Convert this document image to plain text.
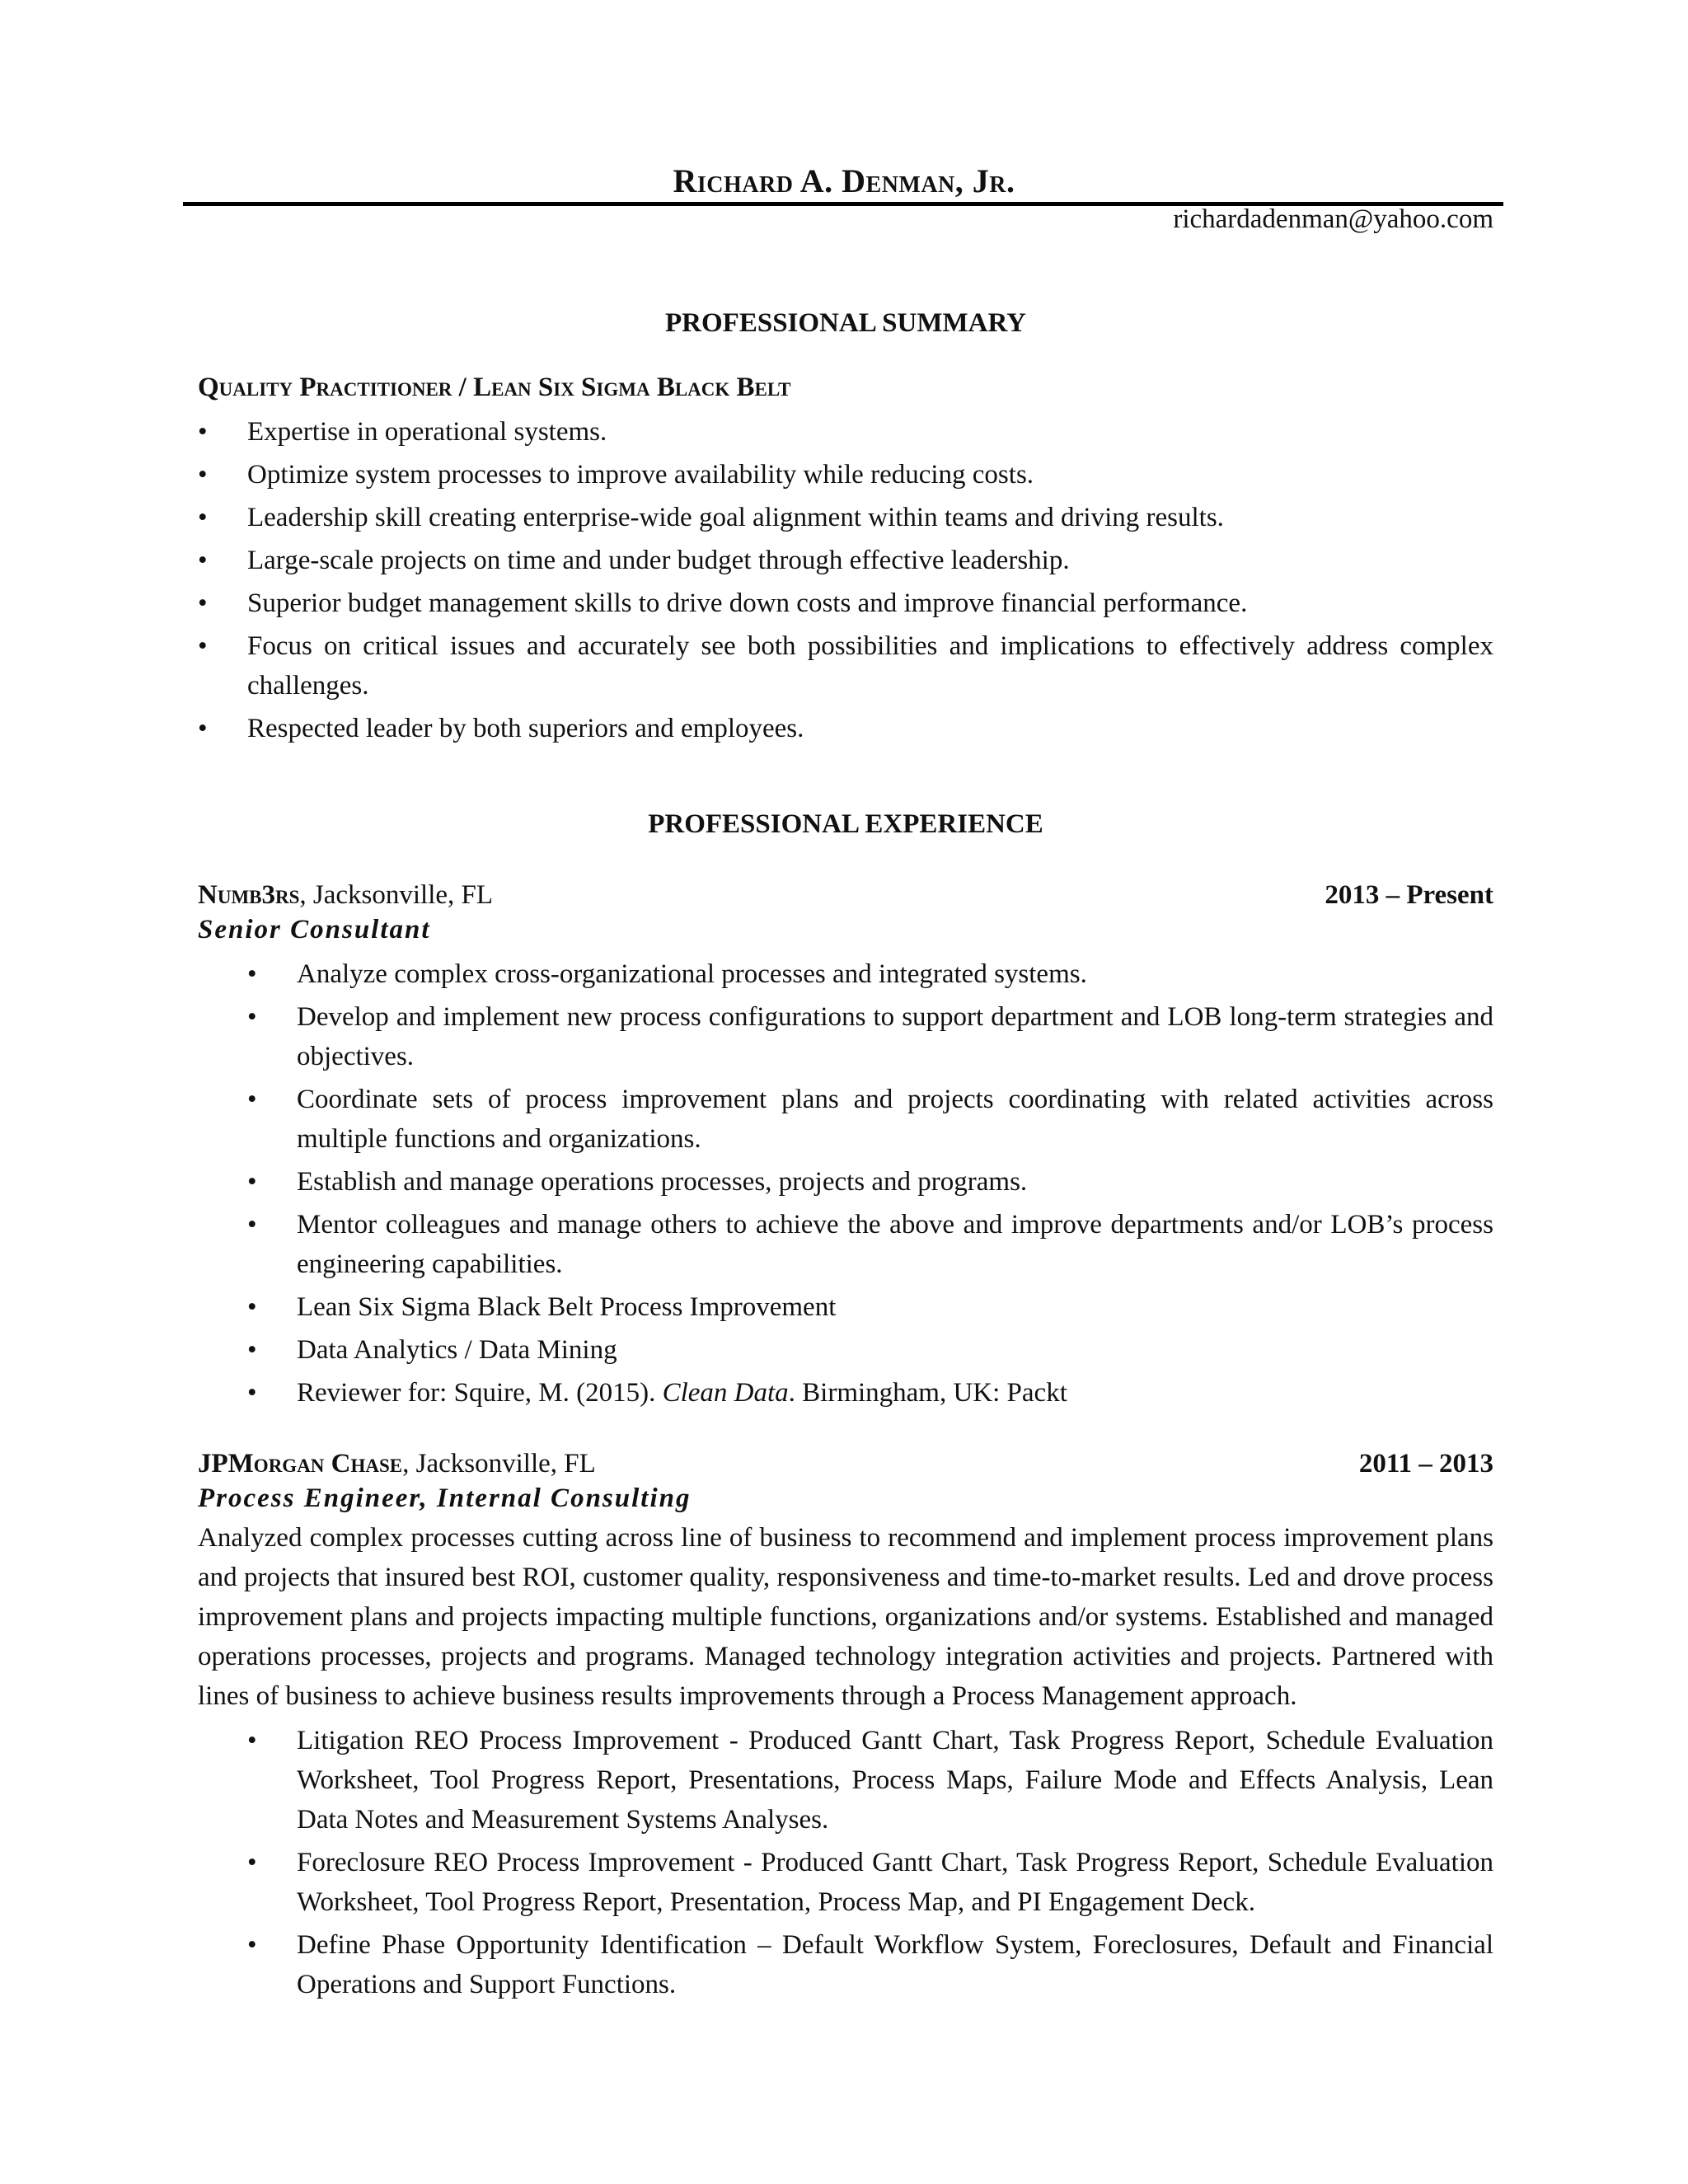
Richard A. Denman, Jr.
richardadenman@yahoo.com
PROFESSIONAL SUMMARY
Quality Practitioner / Lean Six Sigma Black Belt
• Expertise in operational systems.
• Optimize system processes to improve availability while reducing costs.
• Leadership skill creating enterprise-wide goal alignment within teams and driving results.
• Large-scale projects on time and under budget through effective leadership.
• Superior budget management skills to drive down costs and improve financial performance.
• Focus on critical issues and accurately see both possibilities and implications to effectively address complex challenges.
• Respected leader by both superiors and employees.
PROFESSIONAL EXPERIENCE
Numb3rs, Jacksonville, FL	2013 – Present
Senior Consultant
• Analyze complex cross-organizational processes and integrated systems.
• Develop and implement new process configurations to support department and LOB long-term strategies and objectives.
• Coordinate sets of process improvement plans and projects coordinating with related activities across multiple functions and organizations.
• Establish and manage operations processes, projects and programs.
• Mentor colleagues and manage others to achieve the above and improve departments and/or LOB’s process engineering capabilities.
• Lean Six Sigma Black Belt Process Improvement
• Data Analytics / Data Mining
• Reviewer for: Squire, M. (2015). Clean Data. Birmingham, UK: Packt
JPMorgan Chase, Jacksonville, FL	2011 – 2013
Process Engineer, Internal Consulting

Analyzed complex processes cutting across line of business to recommend and implement process improvement plans and projects that insured best ROI, customer quality, responsiveness and time-to-market results. Led and drove process improvement plans and projects impacting multiple functions, organizations and/or systems. Established and managed operations processes, projects and programs. Managed technology integration activities and projects. Partnered with lines of business to achieve business results improvements through a Process Management approach.

• Litigation REO Process Improvement - Produced Gantt Chart, Task Progress Report, Schedule Evaluation Worksheet, Tool Progress Report, Presentations, Process Maps, Failure Mode and Effects Analysis, Lean Data Notes and Measurement Systems Analyses.
• Foreclosure REO Process Improvement - Produced Gantt Chart, Task Progress Report, Schedule Evaluation Worksheet, Tool Progress Report, Presentation, Process Map, and PI Engagement Deck.
• Define Phase Opportunity Identification – Default Workflow System, Foreclosures, Default and Financial Operations and Support Functions.
